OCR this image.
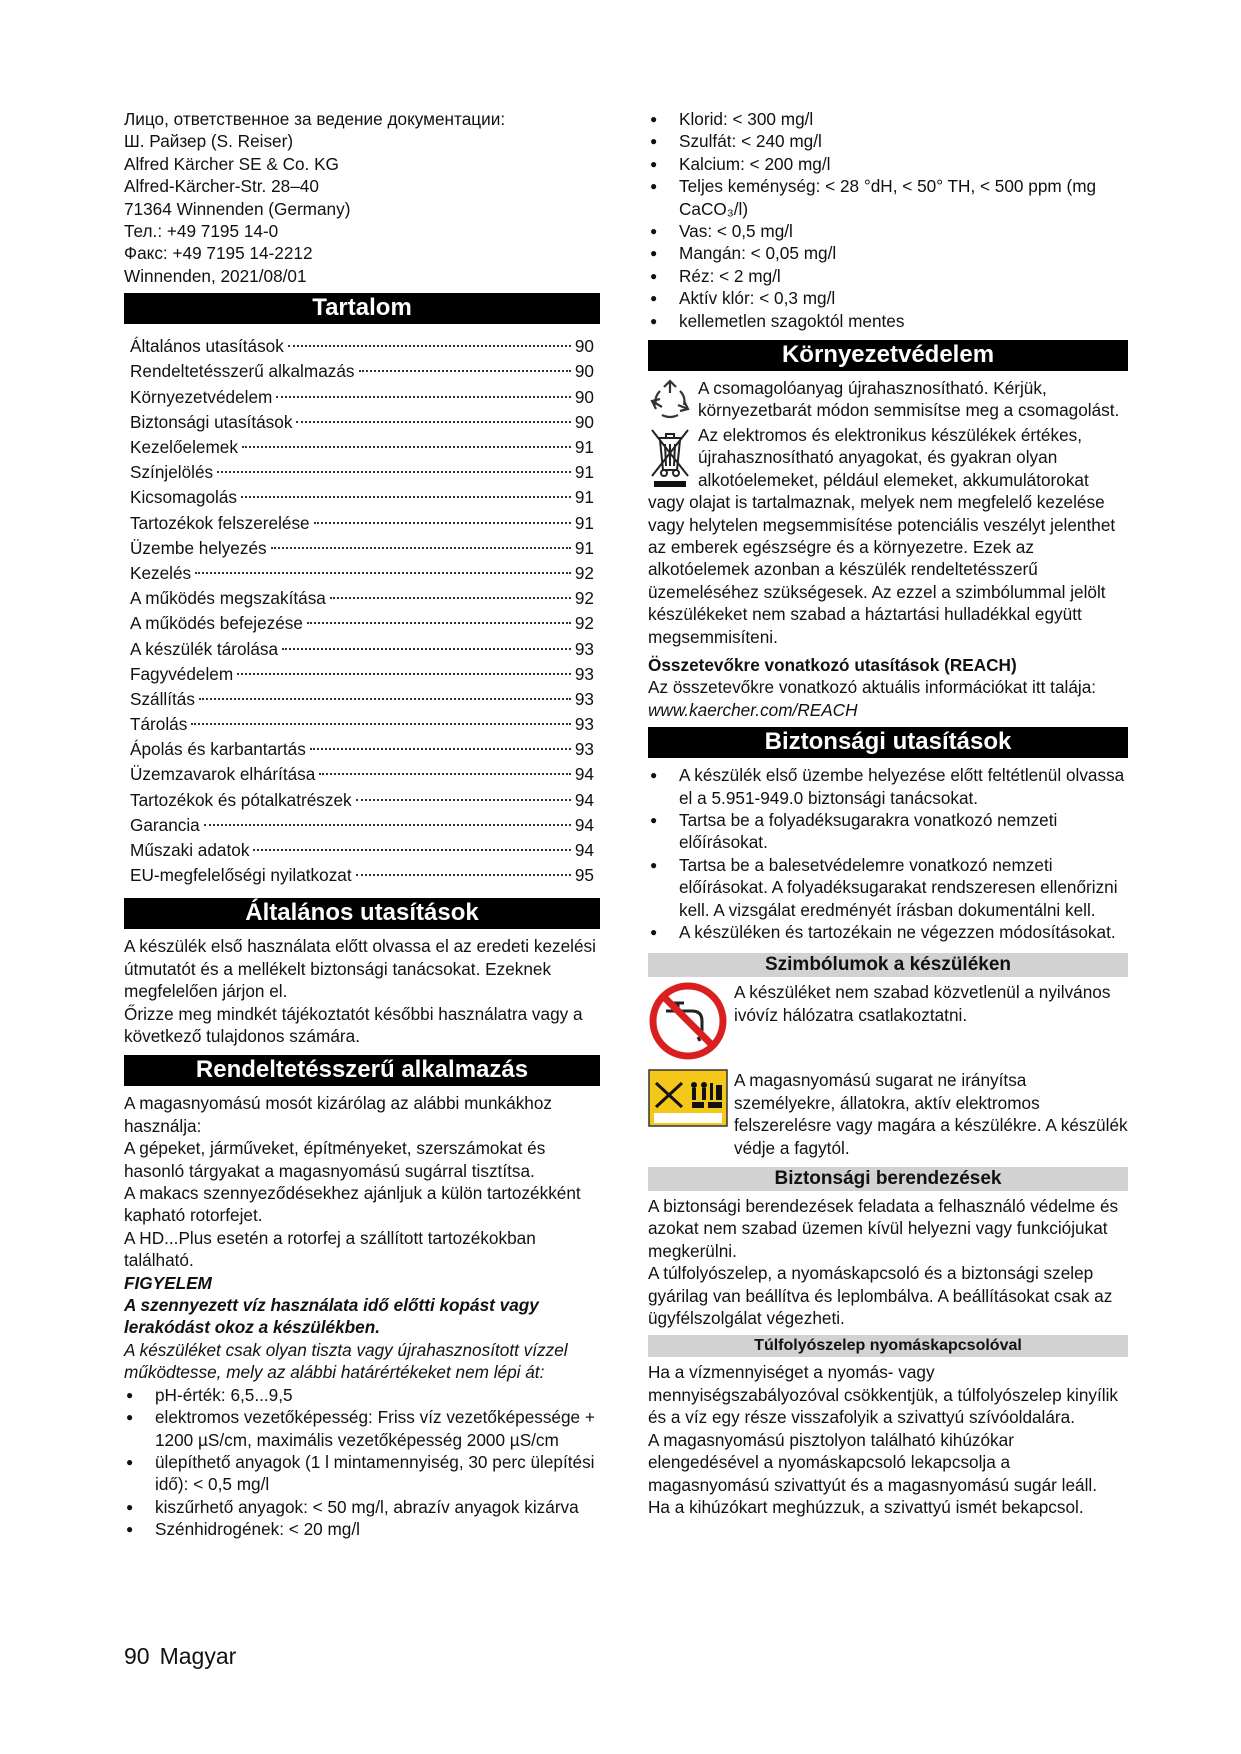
Лицо, ответственное за ведение документации:

Ш. Райзер (S. Reiser)

Alfred Kärcher SE & Co. KG

Alfred-Kärcher-Str. 28–40

71364 Winnenden (Germany)

Тел.: +49 7195 14-0

Факс: +49 7195 14-2212

Winnenden, 2021/08/01

Tartalom
Általános utasítások	90
Rendeltetésszerű alkalmazás	90
Környezetvédelem	90
Biztonsági utasítások	90
Kezelőelemek	91
Színjelölés	91
Kicsomagolás	91
Tartozékok felszerelése	91
Üzembe helyezés	91
Kezelés	92
A működés megszakítása	92
A működés befejezése	92
A készülék tárolása	93
Fagyvédelem	93
Szállítás	93
Tárolás	93
Ápolás és karbantartás	93
Üzemzavarok elhárítása	94
Tartozékok és pótalkatrészek	94
Garancia	94
Műszaki adatok	94
EU-megfelelőségi nyilatkozat	95
Általános utasítások

A készülék első használata előtt olvassa el az eredeti kezelési útmutatót és a mellékelt biztonsági tanácsokat. Ezeknek megfelelően járjon el.

Őrizze meg mindkét tájékoztatót későbbi használatra vagy a következő tulajdonos számára.

Rendeltetésszerű alkalmazás

A magasnyomású mosót kizárólag az alábbi munkákhoz használja:

A gépeket, járműveket, építményeket, szerszámokat és hasonló tárgyakat a magasnyomású sugárral tisztítsa.

A makacs szennyeződésekhez ajánljuk a külön tartozékként kapható rotorfejet.

A HD...Plus esetén a rotorfej a szállított tartozékokban található.

FIGYELEM

A szennyezett víz használata idő előtti kopást vagy lerakódást okoz a készülékben.

A készüléket csak olyan tiszta vagy újrahasznosított vízzel működtesse, mely az alábbi határértékeket nem lépi át:

● pH-érték: 6,5...9,5
● elektromos vezetőképesség: Friss víz vezetőképessége + 1200 µS/cm, maximális vezetőképesség 2000 µS/cm
● ülepíthető anyagok (1 l mintamennyiség, 30 perc ülepítési idő): < 0,5 mg/l
● kiszűrhető anyagok: < 50 mg/l, abrazív anyagok kizárva
● Szénhidrogének: < 20 mg/l
● Klorid: < 300 mg/l
● Szulfát: < 240 mg/l
● Kalcium: < 200 mg/l
● Teljes keménység: < 28 °dH, < 50° TH, < 500 ppm (mg CaCO₃/l)
● Vas: < 0,5 mg/l
● Mangán: < 0,05 mg/l
● Réz: < 2 mg/l
● Aktív klór: < 0,3 mg/l
● kellemetlen szagoktól mentes
Környezetvédelem

A csomagolóanyag újrahasznosítható. Kérjük, környezetbarát módon semmisítse meg a csomagolást.

Az elektromos és elektronikus készülékek értékes, újrahasznosítható anyagokat, és gyakran olyan alkotóelemeket, például elemeket, akkumulátorokat vagy olajat is tartalmaznak, melyek nem megfelelő kezelése vagy helytelen megsemmisítése potenciális veszélyt jelenthet az emberek egészségre és a környezetre. Ezek az alkotóelemek azonban a készülék rendeltetésszerű üzemeléséhez szükségesek. Az ezzel a szimbólummal jelölt készülékeket nem szabad a háztartási hulladékkal együtt megsemmisíteni.

Összetevőkre vonatkozó utasítások (REACH)

Az összetevőkre vonatkozó aktuális információkat itt talája: www.kaercher.com/REACH

Biztonsági utasítások
● A készülék első üzembe helyezése előtt feltétlenül olvassa el a 5.951-949.0 biztonsági tanácsokat.
● Tartsa be a folyadéksugarakra vonatkozó nemzeti előírásokat.
● Tartsa be a balesetvédelemre vonatkozó nemzeti előírásokat. A folyadéksugarakat rendszeresen ellenőrizni kell. A vizsgálat eredményét írásban dokumentálni kell.
● A készüléken és tartozékain ne végezzen módosításokat.
Szimbólumok a készüléken

A készüléket nem szabad közvetlenül a nyilvános ivóvíz hálózatra csatlakoztatni.

A magasnyomású sugarat ne irányítsa személyekre, állatokra, aktív elektromos felszerelésre vagy magára a készülékre. A készülék védje a fagytól.

Biztonsági berendezések

A biztonsági berendezések feladata a felhasználó védelme és azokat nem szabad üzemen kívül helyezni vagy funkciójukat megkerülni.

A túlfolyószelep, a nyomáskapcsoló és a biztonsági szelep gyárilag van beállítva és leplombálva. A beállításokat csak az ügyfélszolgálat végezheti.

Túlfolyószelep nyomáskapcsolóval

Ha a vízmennyiséget a nyomás- vagy mennyiségszabályozóval csökkentjük, a túlfolyószelep kinyílik és a víz egy része visszafolyik a szivattyú szívóoldalára.

A magasnyomású pisztolyon található kihúzókar elengedésével a nyomáskapcsoló lekapcsolja a magasnyomású szivattyút és a magasnyomású sugár leáll.

Ha a kihúzókart meghúzzuk, a szivattyú ismét bekapcsol.

90 Magyar
